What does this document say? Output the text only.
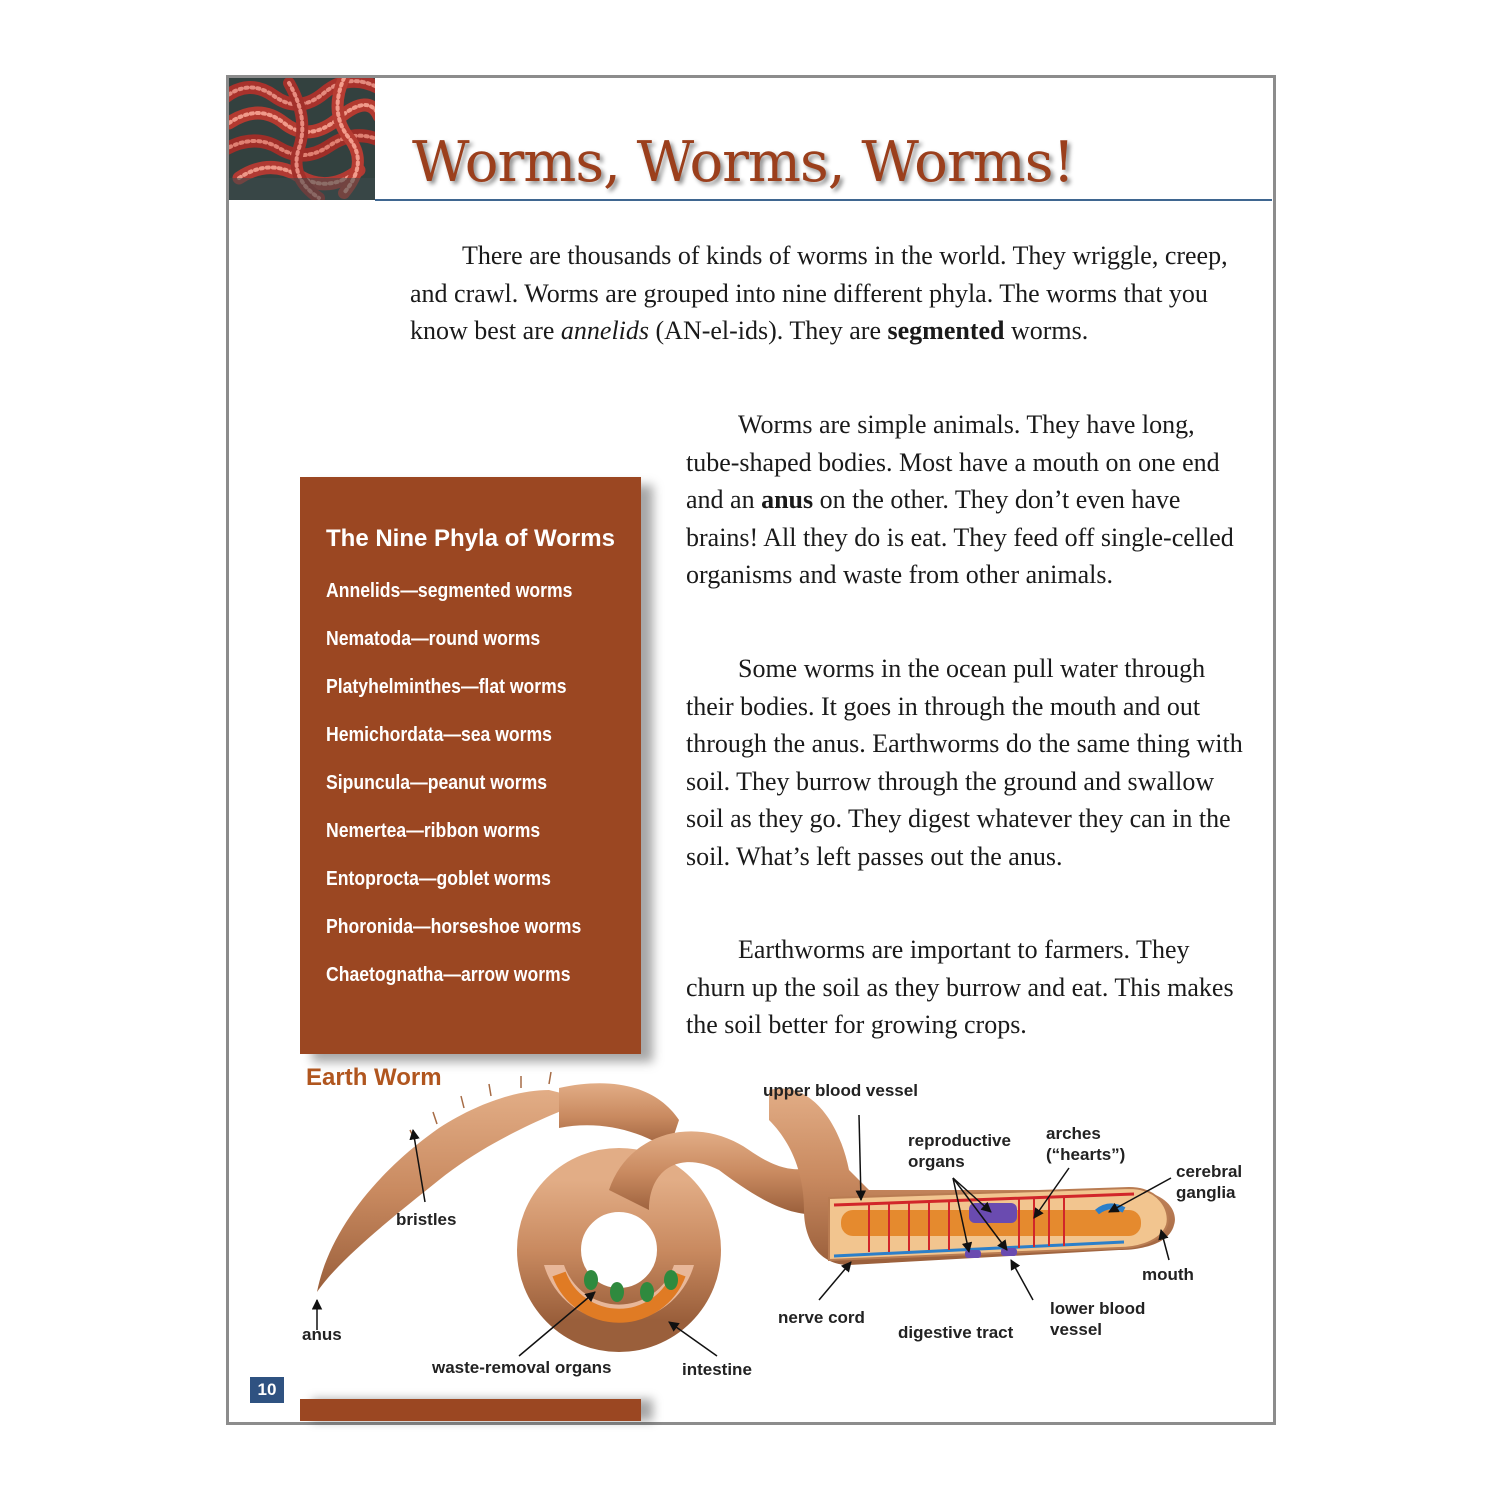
Worms, Worms, Worms!

There are thousands of kinds of worms in the world. They wriggle, creep, and crawl. Worms are grouped into nine different phyla. The worms that you know best are annelids (AN-el-ids). They are segmented worms.

Worms are simple animals. They have long, tube-shaped bodies. Most have a mouth on one end and an anus on the other. They don’t even have brains! All they do is eat. They feed off single-celled organisms and waste from other animals.

Some worms in the ocean pull water through their bodies. It goes in through the mouth and out through the anus. Earthworms do the same thing with soil. They burrow through the ground and swallow soil as they go. They digest whatever they can in the soil. What’s left passes out the anus.

Earthworms are important to farmers. They churn up the soil as they burrow and eat. This makes the soil better for growing crops.

The Nine Phyla of Worms
Annelids—segmented worms
Nematoda—round worms
Platyhelminthes—flat worms
Hemichordata—sea worms
Sipuncula—peanut worms
Nemertea—ribbon worms
Entoprocta—goblet worms
Phoronida—horseshoe worms
Chaetognatha—arrow worms
Earth Worm	upper blood vessel
reproductive organs
arches (“hearts”)
cerebral ganglia
bristles
mouth
nerve cord	lower blood vessel
digestive tract
anus
waste-removal organs	intestine
10
